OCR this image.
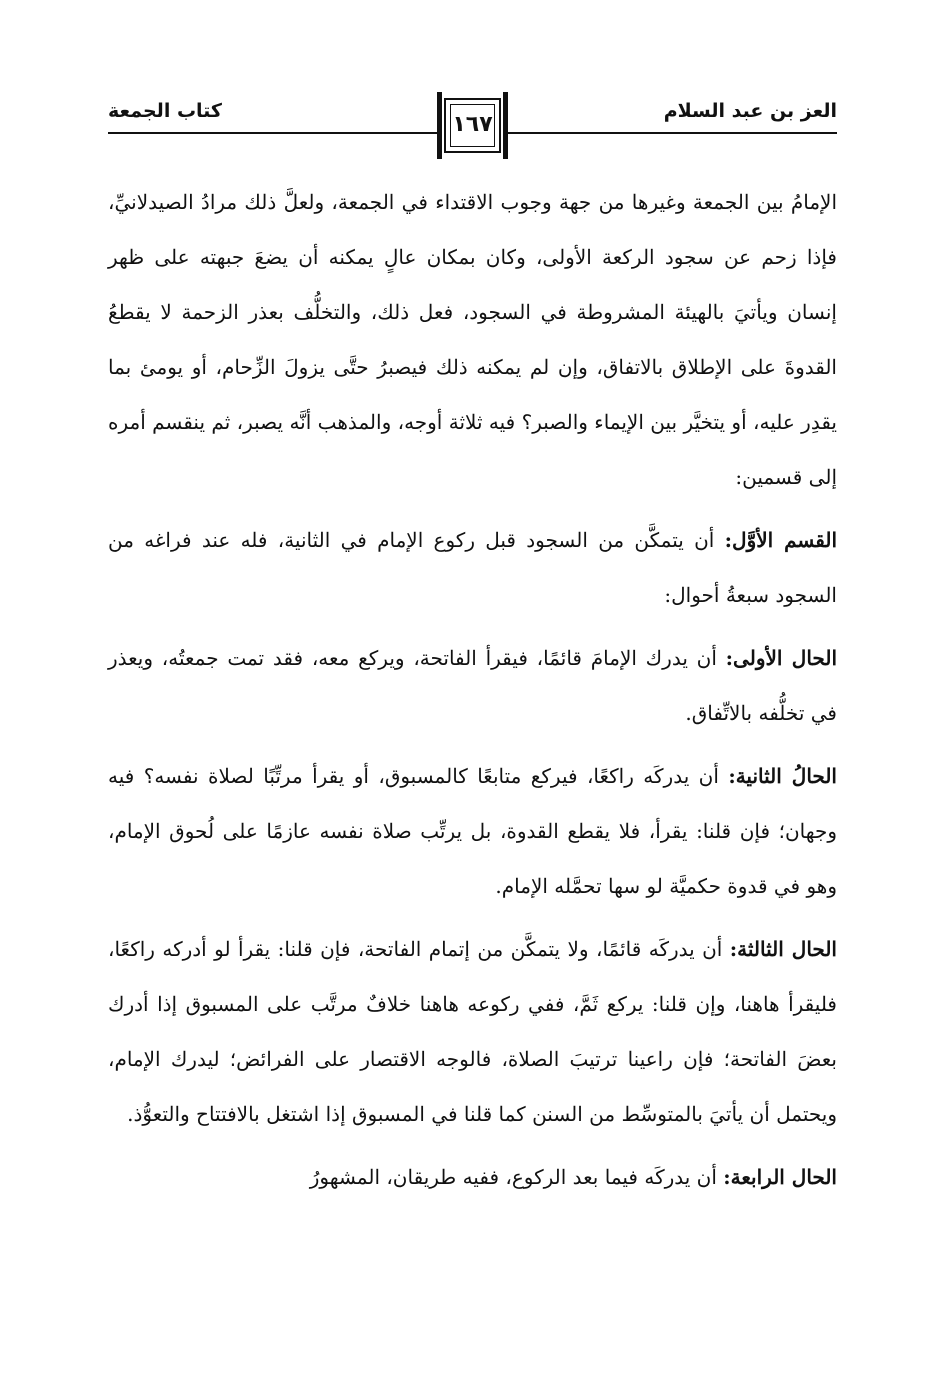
العز بن عبد السلام
كتاب الجمعة
١٦٧

الإمامُ بين الجمعة وغيرها من جهة وجوب الاقتداء في الجمعة، ولعلَّ ذلك مرادُ الصيدلانيِّ، فإذا زحم عن سجود الركعة الأولى، وكان بمكان عالٍ يمكنه أن يضعَ جبهته على ظهر إنسان ويأتيَ بالهيئة المشروطة في السجود، فعل ذلك، والتخلُّف بعذر الزحمة لا يقطعُ القدوةَ على الإطلاق بالاتفاق، وإن لم يمكنه ذلك فيصبرُ حتَّى يزولَ الزِّحام، أو يومئ بما يقدِر عليه، أو يتخيَّر بين الإيماء والصبر؟ فيه ثلاثة أوجه، والمذهب أنَّه يصبر، ثم ينقسم أمره إلى قسمين:

القسم الأوَّل: أن يتمكَّن من السجود قبل ركوع الإمام في الثانية، فله عند فراغه من السجود سبعةُ أحوال:

الحال الأولى: أن يدرك الإمامَ قائمًا، فيقرأ الفاتحة، ويركع معه، فقد تمت جمعتُه، ويعذر في تخلُّفه بالاتِّفاق.

الحالُ الثانية: أن يدركَه راكعًا، فيركع متابعًا كالمسبوق، أو يقرأ مرتِّبًا لصلاة نفسه؟ فيه وجهان؛ فإن قلنا: يقرأ، فلا يقطع القدوة، بل يرتِّب صلاة نفسه عازمًا على لُحوق الإمام، وهو في قدوة حكميَّة لو سها تحمَّله الإمام.

الحال الثالثة: أن يدركَه قائمًا، ولا يتمكَّن من إتمام الفاتحة، فإن قلنا: يقرأ لو أدركه راكعًا، فليقرأ هاهنا، وإن قلنا: يركع ثَمَّ، ففي ركوعه هاهنا خلافٌ مرتَّب على المسبوق إذا أدرك بعضَ الفاتحة؛ فإن راعينا ترتيبَ الصلاة، فالوجه الاقتصار على الفرائض؛ ليدرك الإمام، ويحتمل أن يأتيَ بالمتوسِّط من السنن كما قلنا في المسبوق إذا اشتغل بالافتتاح والتعوُّذ.

الحال الرابعة: أن يدركَه فيما بعد الركوع، ففيه طريقان، المشهورُ
